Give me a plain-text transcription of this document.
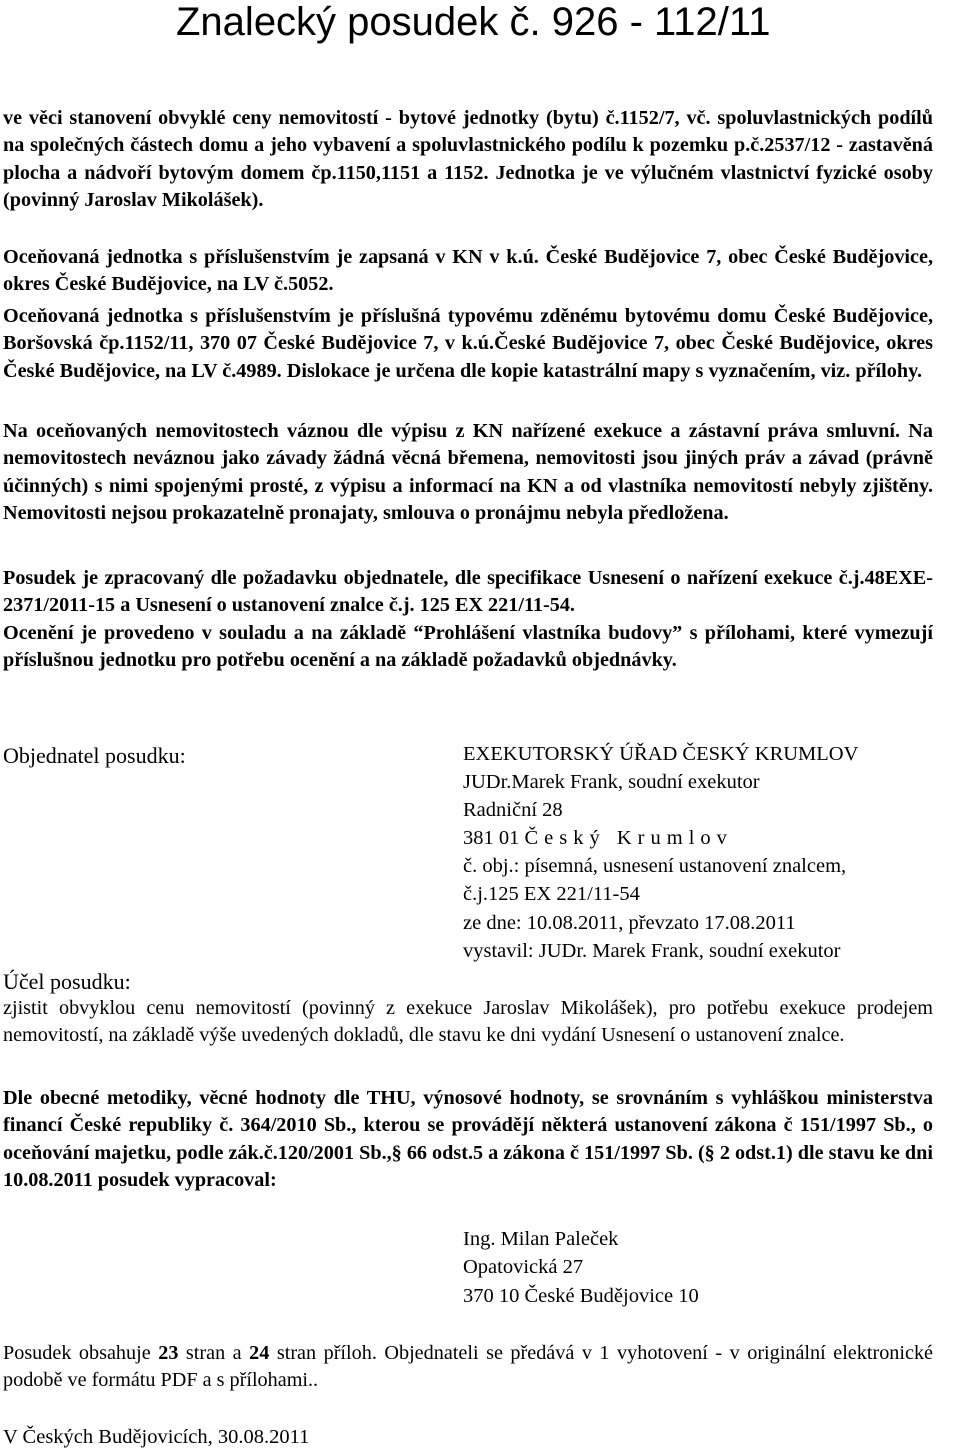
Znalecký posudek č. 926 - 112/11

ve věci stanovení obvyklé ceny nemovitostí - bytové jednotky (bytu) č.1152/7, vč. spoluvlastnických podílů na společných částech domu a jeho vybavení a spoluvlastnického podílu k pozemku p.č.2537/12 - zastavěná plocha a nádvoří bytovým domem čp.1150,1151 a 1152. Jednotka je ve výlučném vlastnictví fyzické osoby (povinný Jaroslav Mikolášek).

Oceňovaná jednotka s příslušenstvím je zapsaná v KN v k.ú. České Budějovice 7, obec České Budějovice, okres České Budějovice, na LV č.5052.

Oceňovaná jednotka s příslušenstvím je příslušná typovému zděnému bytovému domu České Budějovice, Boršovská čp.1152/11, 370 07 České Budějovice 7, v k.ú.České Budějovice 7, obec České Budějovice, okres České Budějovice, na LV č.4989. Dislokace je určena dle kopie katastrální mapy s vyznačením, viz. přílohy.

Na oceňovaných nemovitostech váznou dle výpisu z KN nařízené exekuce a zástavní práva smluvní. Na nemovitostech neváznou jako závady žádná věcná břemena, nemovitosti jsou jiných práv a závad (právně účinných) s nimi spojenými prosté, z výpisu a informací na KN a od vlastníka nemovitostí nebyly zjištěny. Nemovitosti nejsou prokazatelně pronajaty, smlouva o pronájmu nebyla předložena.

Posudek je zpracovaný dle požadavku objednatele, dle specifikace Usnesení o nařízení exekuce č.j.48EXE-2371/2011-15 a Usnesení o ustanovení znalce č.j. 125 EX 221/11-54.
Ocenění je provedeno v souladu a na základě “Prohlášení vlastníka budovy” s přílohami, které vymezují příslušnou jednotku pro potřebu ocenění a na základě požadavků objednávky.

Objednatel posudku:	EXEKUTORSKÝ ÚŘAD ČESKÝ KRUMLOV
JUDr.Marek Frank, soudní exekutor
Radniční 28
381 01 Český Krumlov
č. obj.: písemná, usnesení ustanovení znalcem,
č.j.125 EX 221/11-54
ze dne: 10.08.2011, převzato 17.08.2011
vystavil: JUDr. Marek Frank, soudní exekutor
Účel posudku:

zjistit obvyklou cenu nemovitostí (povinný z exekuce Jaroslav Mikolášek), pro potřebu exekuce prodejem nemovitostí, na základě výše uvedených dokladů, dle stavu ke dni vydání Usnesení o ustanovení znalce.

Dle obecné metodiky, věcné hodnoty dle THU, výnosové hodnoty, se srovnáním s vyhláškou ministerstva financí České republiky č. 364/2010 Sb., kterou se provádějí některá ustanovení zákona č 151/1997 Sb., o oceňování majetku, podle zák.č.120/2001 Sb.,§ 66 odst.5 a zákona č 151/1997 Sb. (§ 2 odst.1) dle stavu ke dni 10.08.2011 posudek vypracoval:

Ing. Milan Paleček
Opatovická 27
370 10 České Budějovice 10

Posudek obsahuje 23 stran a 24 stran příloh. Objednateli se předává v 1 vyhotovení - v originální elektronické podobě ve formátu PDF a s přílohami..

V Českých Budějovicích, 30.08.2011
